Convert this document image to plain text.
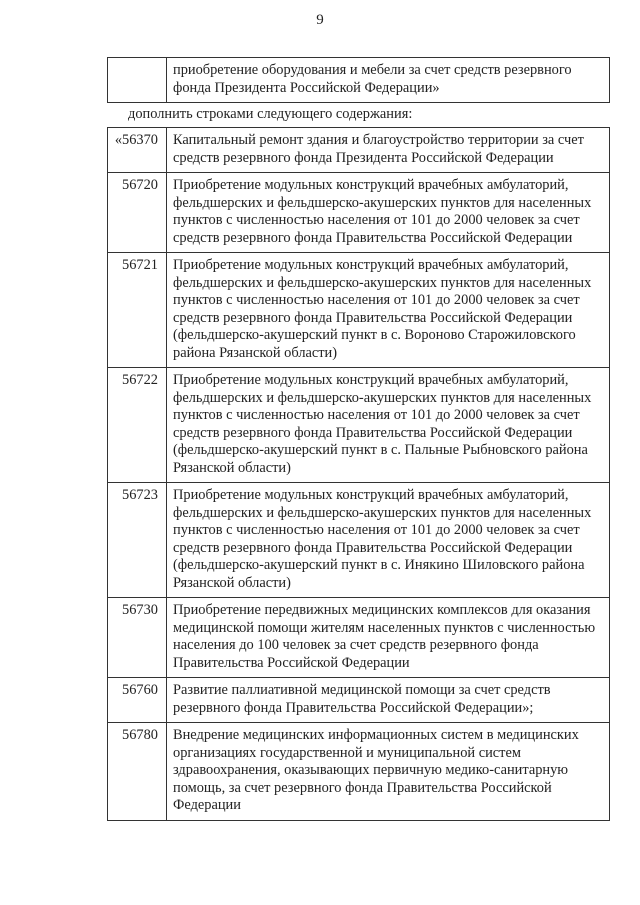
9
	приобретение оборудования и мебели за счет средств резервного фонда Президента Российской Федерации»
дополнить строками следующего содержания:
«56370	Капитальный ремонт здания и благоустройство территории за счет средств резервного фонда Президента Российской Федерации
56720	Приобретение модульных конструкций врачебных амбулаторий, фельдшерских и фельдшерско-акушерских пунктов для населенных пунктов с численностью населения от 101 до 2000 человек за счет средств резервного фонда Правительства Российской Федерации
56721	Приобретение модульных конструкций врачебных амбулаторий, фельдшерских и фельдшерско-акушерских пунктов для населенных пунктов с численностью населения от 101 до 2000 человек за счет средств резервного фонда Правительства Российской Федерации (фельдшерско-акушерский пункт в с. Вороново Старожиловского района Рязанской области)
56722	Приобретение модульных конструкций врачебных амбулаторий, фельдшерских и фельдшерско-акушерских пунктов для населенных пунктов с численностью населения от 101 до 2000 человек за счет средств резервного фонда Правительства Российской Федерации (фельдшерско-акушерский пункт в с. Пальные Рыбновского района Рязанской области)
56723	Приобретение модульных конструкций врачебных амбулаторий, фельдшерских и фельдшерско-акушерских пунктов для населенных пунктов с численностью населения от 101 до 2000 человек за счет средств резервного фонда Правительства Российской Федерации (фельдшерско-акушерский пункт в с. Инякино Шиловского района Рязанской области)
56730	Приобретение передвижных медицинских комплексов для оказания медицинской помощи жителям населенных пунктов с численностью населения до 100 человек за счет средств резервного фонда Правительства Российской Федерации
56760	Развитие паллиативной медицинской помощи за счет средств резервного фонда Правительства Российской Федерации»;
56780	Внедрение медицинских информационных систем в медицинских организациях государственной и муниципальной систем здравоохранения, оказывающих первичную медико-санитарную помощь, за счет резервного фонда Правительства Российской Федерации
